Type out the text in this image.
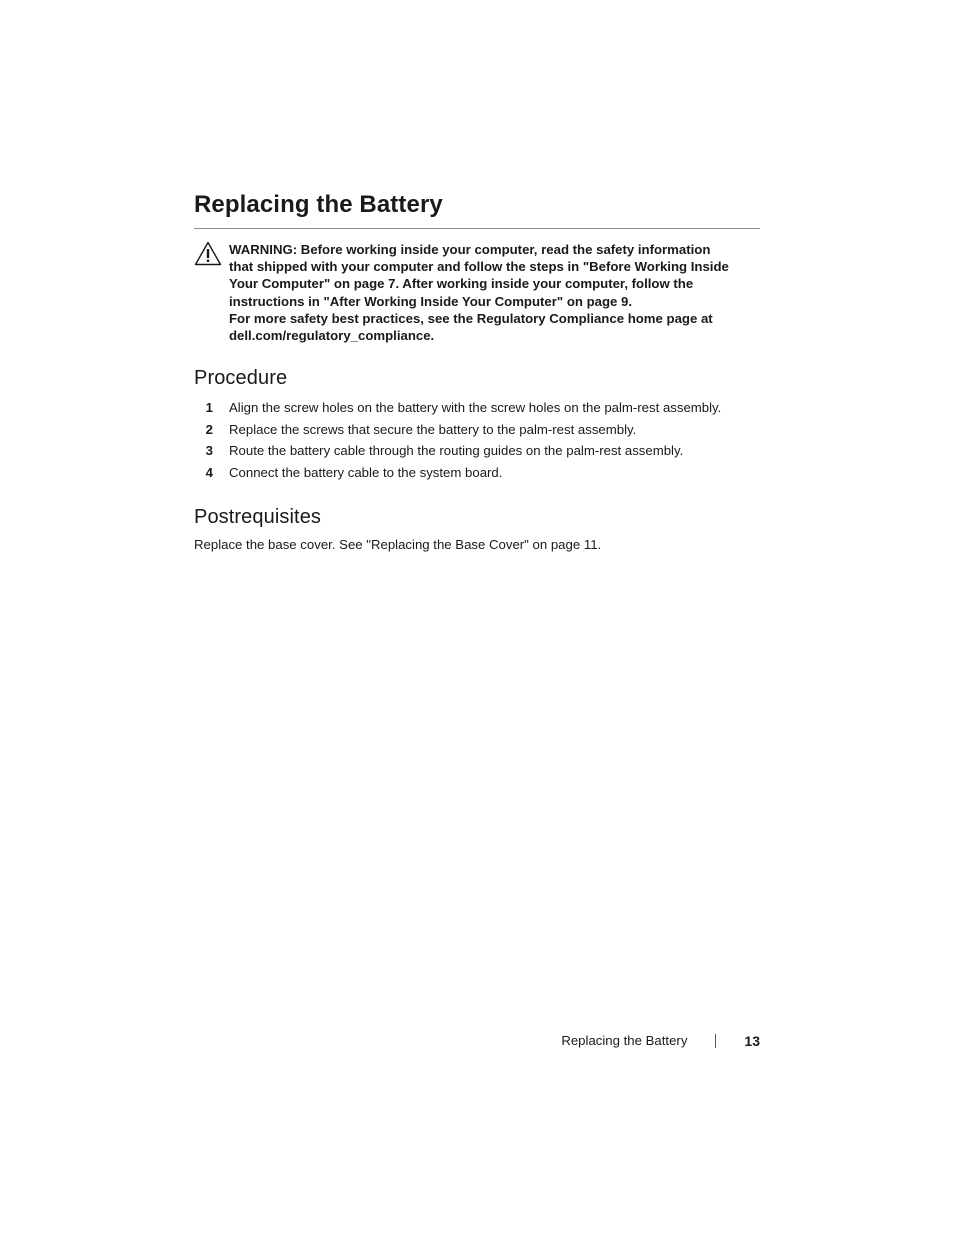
Replacing the Battery
WARNING: Before working inside your computer, read the safety information
that shipped with your computer and follow the steps in "Before Working Inside
Your Computer" on page 7. After working inside your computer, follow the
instructions in "After Working Inside Your Computer" on page 9.
For more safety best practices, see the Regulatory Compliance home page at
dell.com/regulatory_compliance.
Procedure
1 Align the screw holes on the battery with the screw holes on the palm-rest assembly.
2 Replace the screws that secure the battery to the palm-rest assembly.
3 Route the battery cable through the routing guides on the palm-rest assembly.
4 Connect the battery cable to the system board.
Postrequisites

Replace the base cover. See "Replacing the Base Cover" on page 11.

Replacing the Battery	13
